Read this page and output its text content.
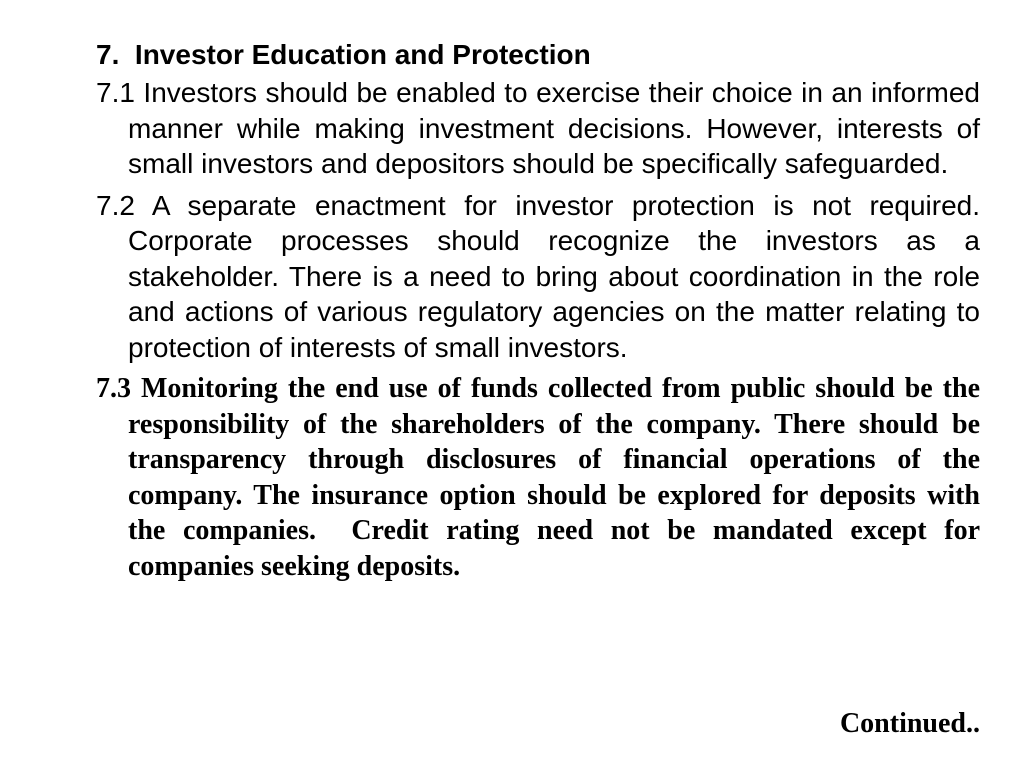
7.  Investor Education and Protection

7.1 Investors should be enabled to exercise their choice in an informed manner while making investment decisions. However, interests of small investors and depositors should be specifically safeguarded.

7.2 A separate enactment for investor protection is not required. Corporate processes should recognize the investors as a stakeholder. There is a need to bring about coordination in the role and actions of various regulatory agencies on the matter relating to protection of interests of small investors.

7.3 Monitoring the end use of funds collected from public should be the responsibility of the shareholders of the company. There should be transparency through disclosures of financial operations of the company. The insurance option should be explored for deposits with the companies.  Credit rating need not be mandated except for companies seeking deposits.

Continued..
